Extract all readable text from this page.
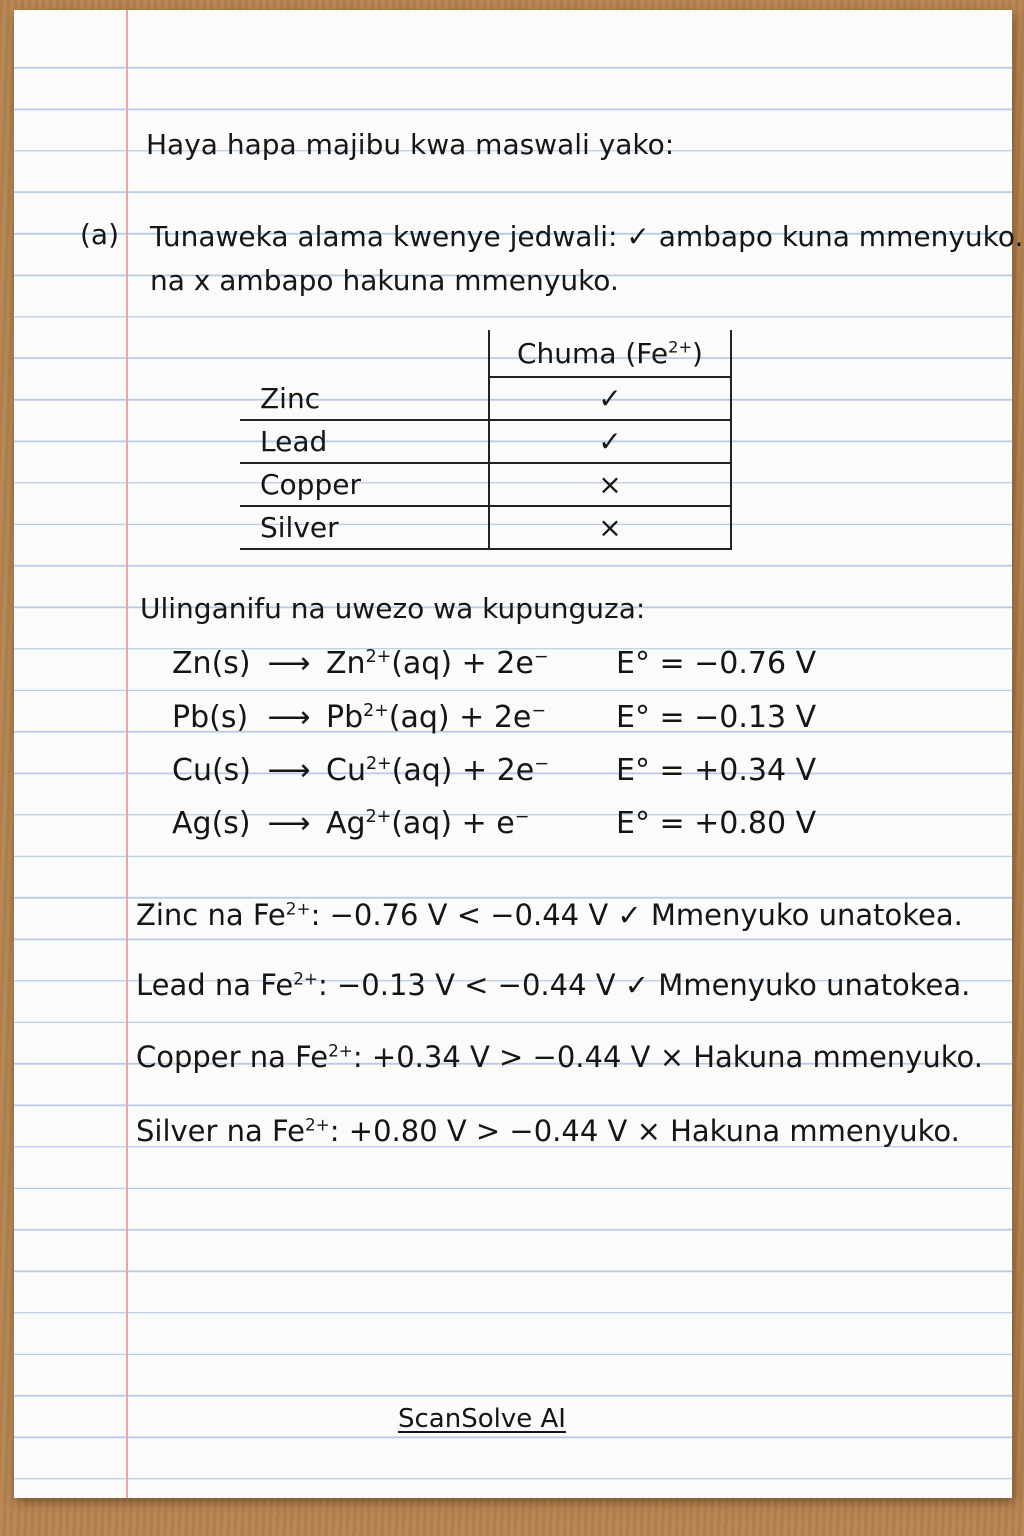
Haya hapa majibu kwa maswali yako:
(a) Tunaweka alama kwenye jedwali: ✓ ambapo kuna mmenyuko.
na x ambapo hakuna mmenyuko.
	Chuma $(Fe^{2+})$
Zinc	✓
Lead	✓
Copper	×
Silver	×
Ulinganifu na uwezo wa kupunguza:
Zn(s) ⟶ $Zn^{2+}(aq) + 2e^-$ E° = −0.76 V
Pb(s) ⟶ $Pb^{2+}(aq) + 2e^-$ E° = −0.13 V
Cu(s) ⟶ $Cu^{2+}(aq) + 2e^-$ E° = +0.34 V
Ag(s) ⟶ $Ag^{2+}(aq) + e^-$	E° = +0.80 V
Zinc na $Fe^{2+}$: −0.76 V < −0.44 V ✓ Mmenyuko unatokea.
Lead na $Fe^{2+}$: −0.13 V < −0.44 V ✓ Mmenyuko unatokea.
Copper na $Fe^{2+}$: +0.34 V > −0.44 V × Hakuna mmenyuko.
Silver na $Fe^{2+}$: +0.80 V > −0.44 V × Hakuna mmenyuko.
ScanSolve AI
